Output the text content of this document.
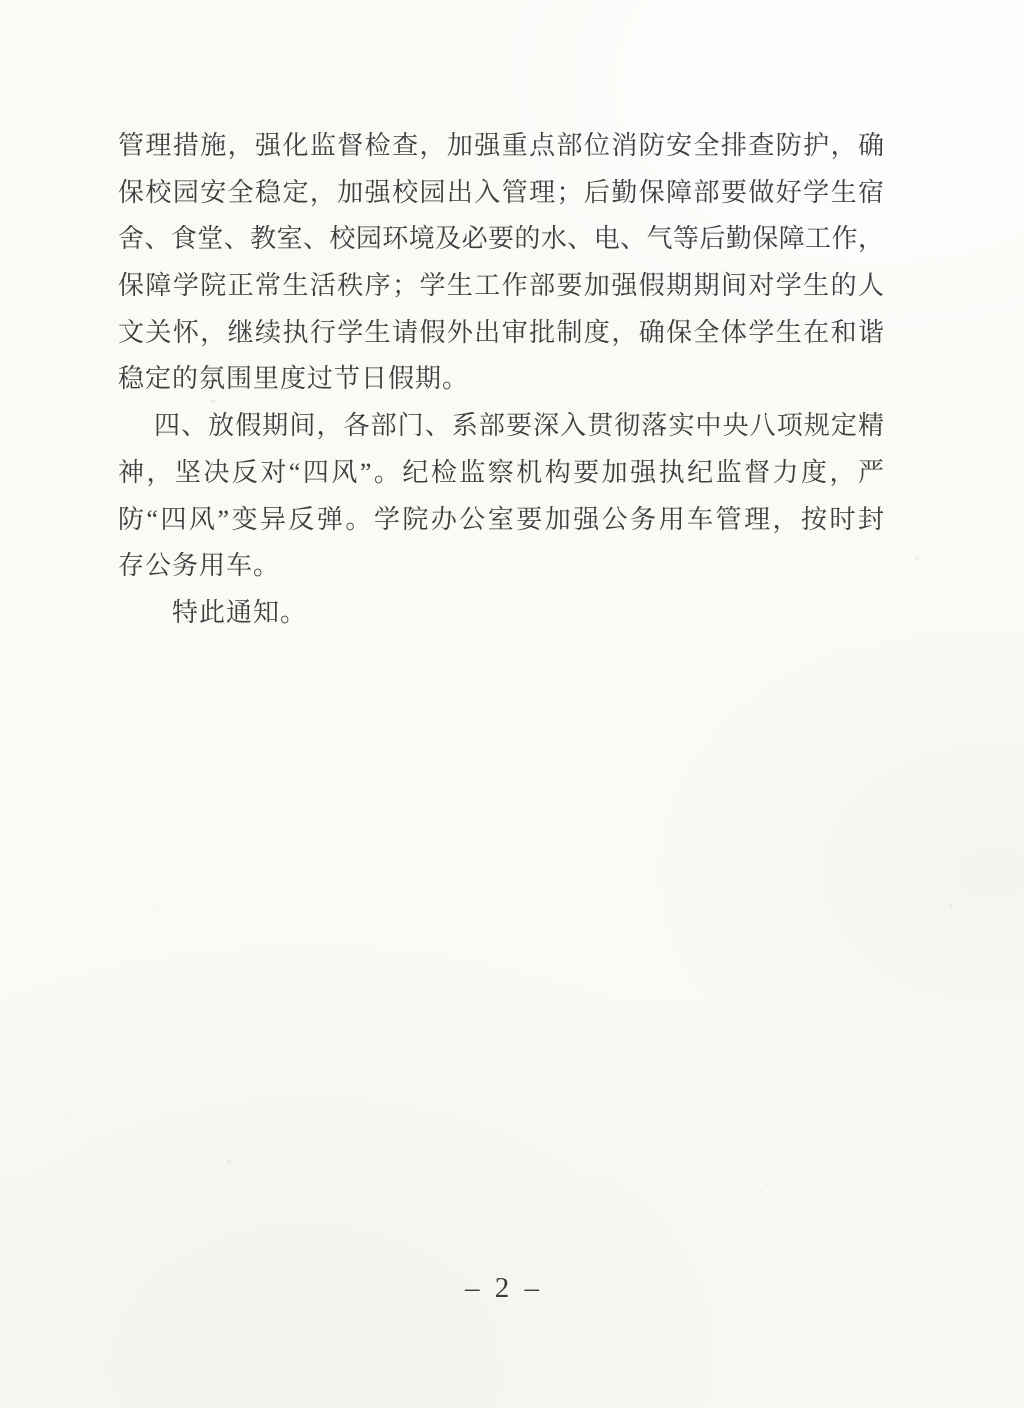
管理措施，强化监督检查，加强重点部位消防安全排查防护，确
保校园安全稳定，加强校园出入管理；后勤保障部要做好学生宿
舍、食堂、教室、校园环境及必要的水、电、气等后勤保障工作，
保障学院正常生活秩序；学生工作部要加强假期期间对学生的人
文关怀，继续执行学生请假外出审批制度，确保全体学生在和谐
稳定的氛围里度过节日假期。
四、放假期间，各部门、系部要深入贯彻落实中央八项规定精
神，坚决反对“四风”。纪检监察机构要加强执纪监督力度，严
防“四风”变异反弹。学院办公室要加强公务用车管理，按时封
存公务用车。
特此通知。
– 2 –
